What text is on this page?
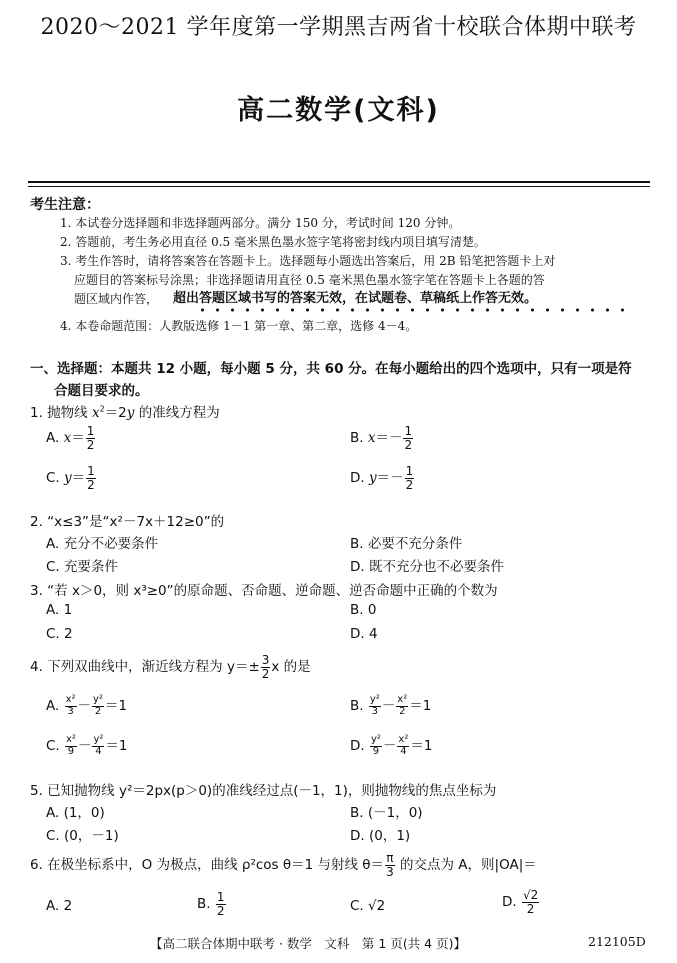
2020～2021 学年度第一学期黑吉两省十校联合体期中联考
高二数学(文科)
考生注意：
1. 本试卷分选择题和非选择题两部分。满分 150 分，考试时间 120 分钟。
2. 答题前，考生务必用直径 0.5 毫米黑色墨水签字笔将密封线内项目填写清楚。
3. 考生作答时，请将答案答在答题卡上。选择题每小题选出答案后，用 2B 铅笔把答题卡上对
应题目的答案标号涂黑；非选择题请用直径 0.5 毫米黑色墨水签字笔在答题卡上各题的答
题区域内作答， 超出答题区域书写的答案无效，在试题卷、草稿纸上作答无效。
4. 本卷命题范围：人教版选修 1－1 第一章、第二章，选修 4－4。
一、选择题：本题共 12 小题，每小题 5 分，共 60 分。在每小题给出的四个选项中，只有一项是符
合题目要求的。
1. 抛物线 $x^2=2y$ 的准线方程为
A. $x= \frac{1}{2}$	B. $x=- \frac{1}{2}$
C. $y= \frac{1}{2}$	D. $y=- \frac{1}{2}$
2. “x≤3”是“x²－7x＋12≥0”的
A. 充分不必要条件	B. 必要不充分条件
C. 充要条件	D. 既不充分也不必要条件
3. “若 x＞0，则 x³≥0”的原命题、否命题、逆命题、逆否命题中正确的个数为
A. 1	B. 0
C. 2	D. 4
4. 下列双曲线中，渐近线方程为 $y=\pm \frac{3}{2}$ x 的是
A. $\frac{\text{x²}}{3} - \frac{\text{y²}}{2} =1$	B. $\frac{\text{y²}}{3} - \frac{\text{x²}}{2} =1$
C. $\frac{\text{x²}}{9} - \frac{\text{y²}}{4} =1$	D. $\frac{\text{y²}}{9} - \frac{\text{x²}}{4} =1$
5. 已知抛物线 y²＝2px(p＞0)的准线经过点(－1，1)，则抛物线的焦点坐标为
A. (1，0)	B. (－1，0)
C. (0，－1)	D. (0，1)
6. 在极坐标系中，O 为极点，曲线 ρ²cos θ＝1 与射线 $\theta= \frac{\pi}{3}$ 的交点为 A，则|OA|＝
A. 2	B. $\frac{1}{2}$	C. √2	D. $\frac{√2}{2}$
【高二联合体期中联考 · 数学　文科　第 1 页(共 4 页)】	212105D
